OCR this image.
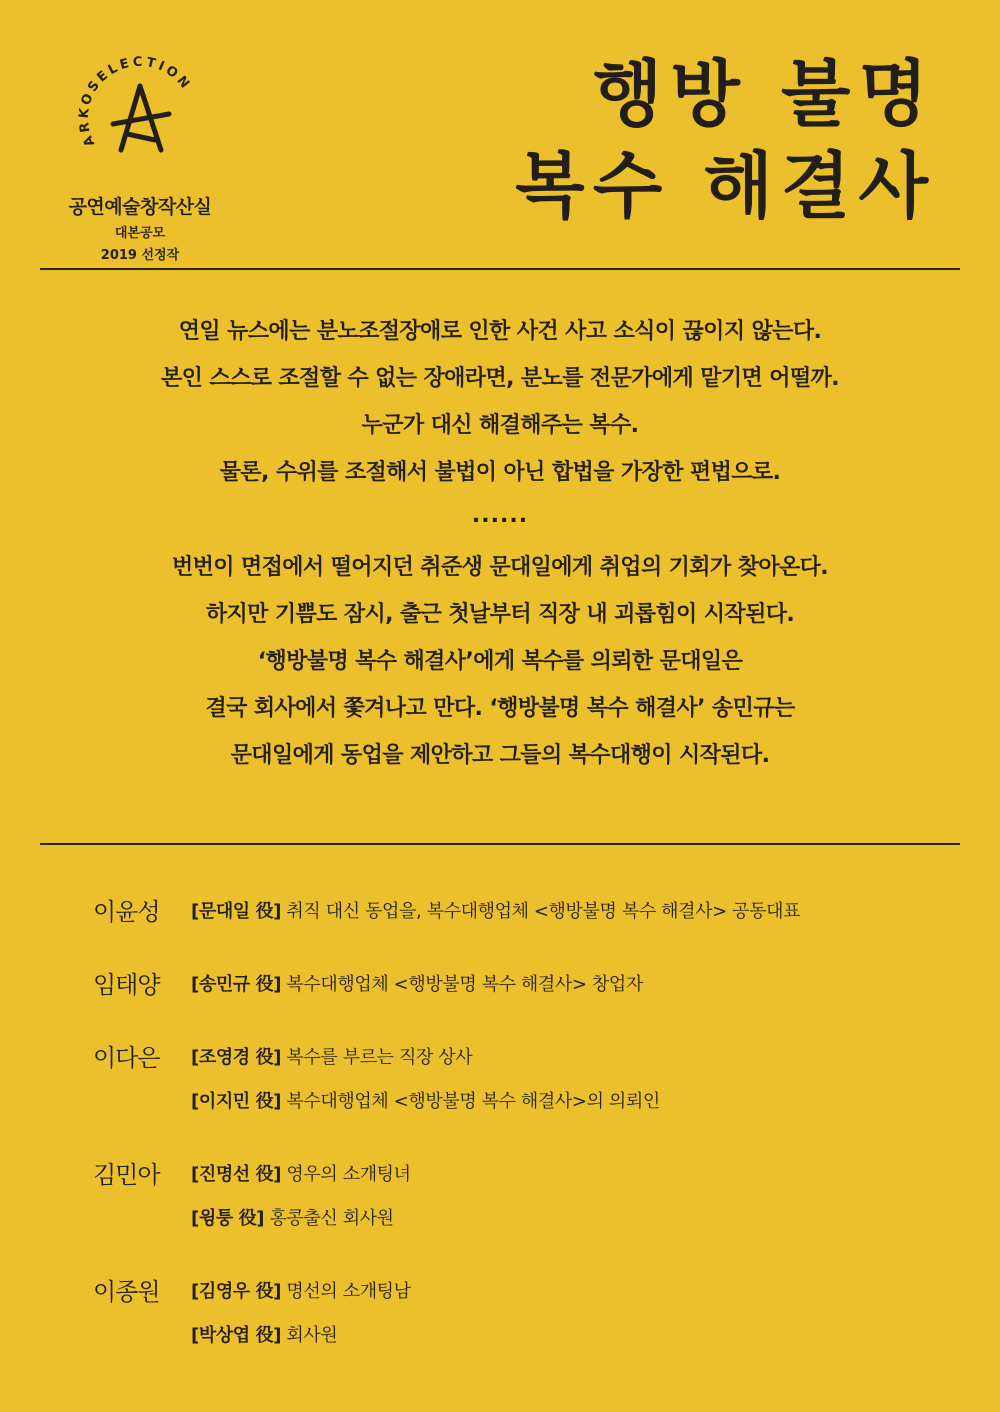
ARKOSELECTION
공연예술창작산실
대본공모
2019 선정작
행방 불명
복수 해결사
연일 뉴스에는 분노조절장애로 인한 사건 사고 소식이 끊이지 않는다.
본인 스스로 조절할 수 없는 장애라면, 분노를 전문가에게 맡기면 어떨까.
누군가 대신 해결해주는 복수.
물론, 수위를 조절해서 불법이 아닌 합법을 가장한 편법으로.
......
번번이 면접에서 떨어지던 취준생 문대일에게 취업의 기회가 찾아온다.
하지만 기쁨도 잠시, 출근 첫날부터 직장 내 괴롭힘이 시작된다.
‘행방불명 복수 해결사’에게 복수를 의뢰한 문대일은
결국 회사에서 쫓겨나고 만다. ‘행방불명 복수 해결사’ 송민규는
문대일에게 동업을 제안하고 그들의 복수대행이 시작된다.
이윤성	[문대일 役] 취직 대신 동업을, 복수대행업체 <행방불명 복수 해결사> 공동대표
임태양	[송민규 役] 복수대행업체 <행방불명 복수 해결사> 창업자
이다은	[조영경 役] 복수를 부르는 직장 상사
[이지민 役] 복수대행업체 <행방불명 복수 해결사>의 의뢰인
김민아	[진명선 役] 영우의 소개팅녀
[윙퉁 役] 홍콩출신 회사원
이종원	[김영우 役] 명선의 소개팅남
[박상엽 役] 회사원
